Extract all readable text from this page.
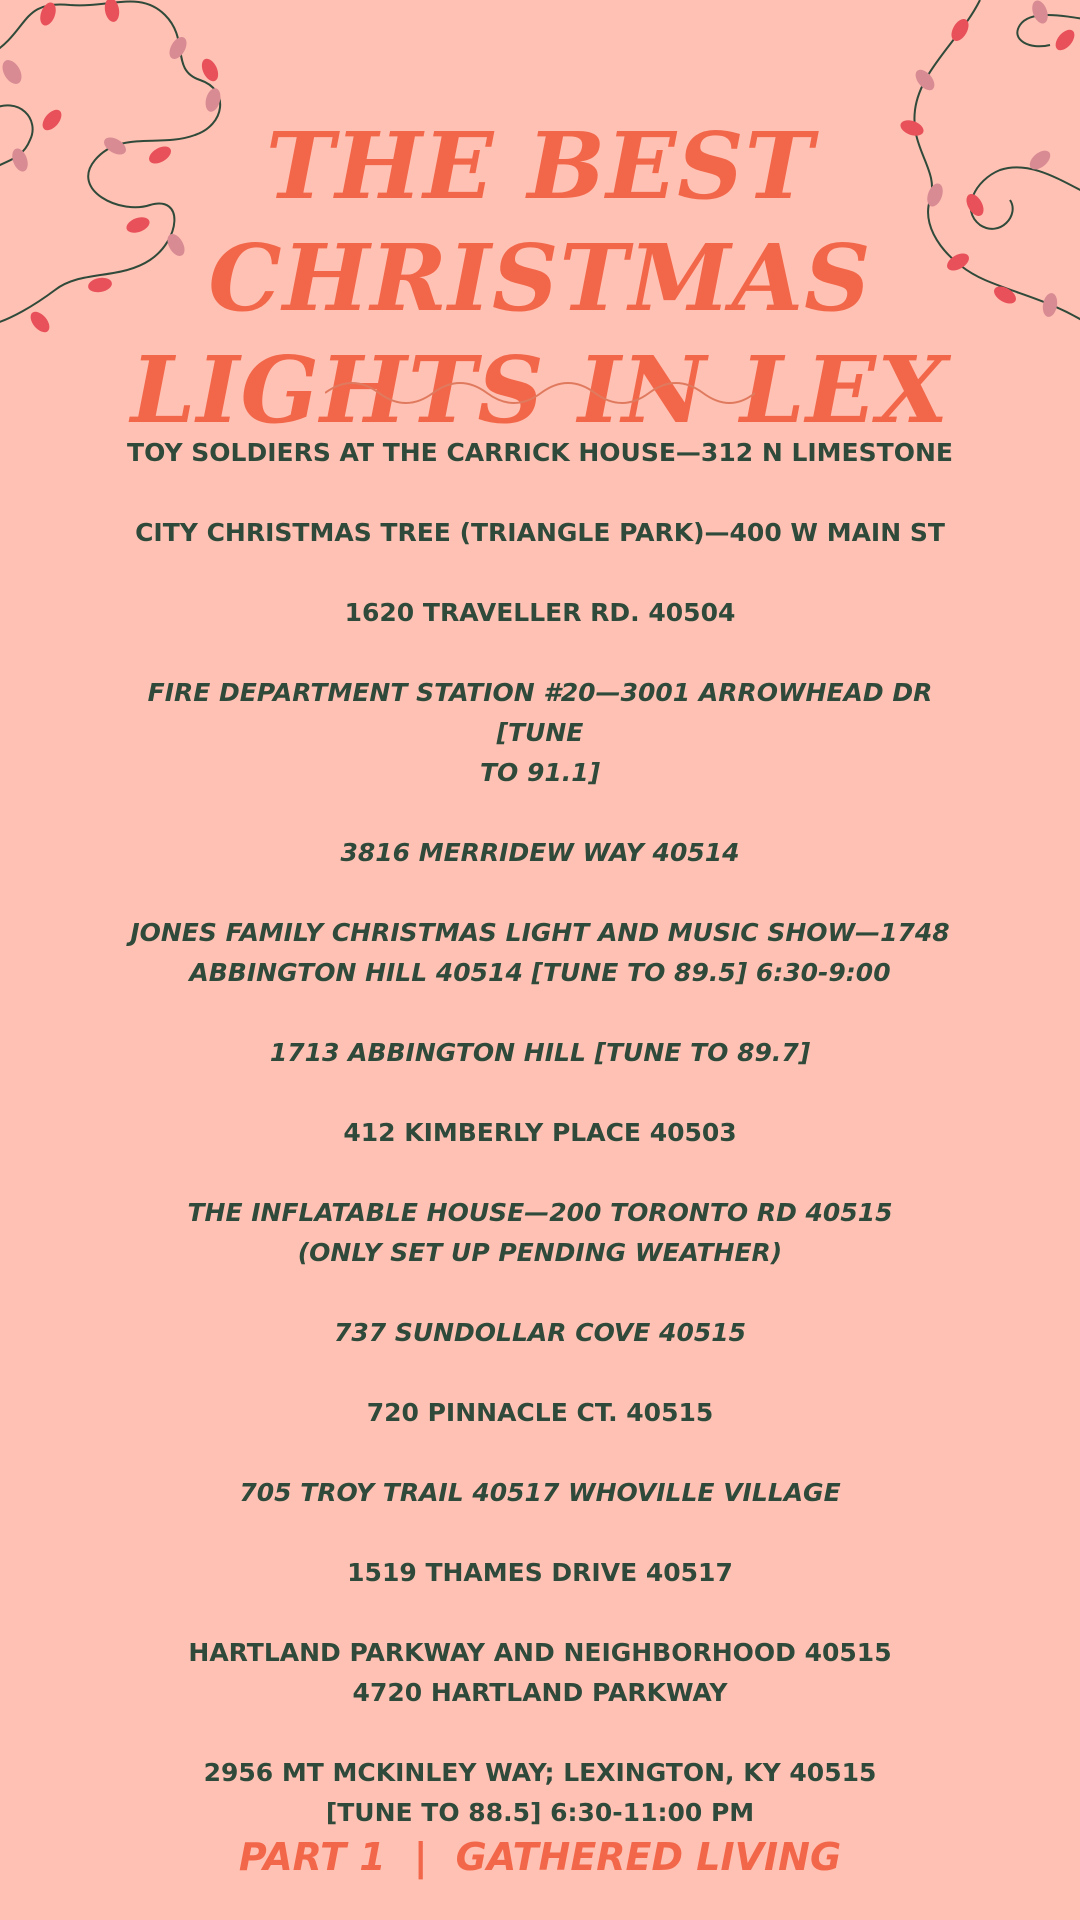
THE BEST
CHRISTMAS
LIGHTS IN LEX
TOY SOLDIERS AT THE CARRICK HOUSE—312 N LIMESTONE
CITY CHRISTMAS TREE (TRIANGLE PARK)—400 W MAIN ST
1620 TRAVELLER RD. 40504
FIRE DEPARTMENT STATION #20—3001 ARROWHEAD DR [TUNE
TO 91.1]
3816 MERRIDEW WAY 40514
JONES FAMILY CHRISTMAS LIGHT AND MUSIC SHOW—1748
ABBINGTON HILL 40514 [TUNE TO 89.5] 6:30-9:00
1713 ABBINGTON HILL [TUNE TO 89.7]
412 KIMBERLY PLACE 40503
THE INFLATABLE HOUSE—200 TORONTO RD 40515
(ONLY SET UP PENDING WEATHER)
737 SUNDOLLAR COVE 40515
720 PINNACLE CT. 40515
705 TROY TRAIL 40517 WHOVILLE VILLAGE
1519 THAMES DRIVE 40517
HARTLAND PARKWAY AND NEIGHBORHOOD 40515
4720 HARTLAND PARKWAY
2956 MT MCKINLEY WAY; LEXINGTON, KY 40515
[TUNE TO 88.5] 6:30-11:00 PM
PART 1 | GATHERED LIVING
